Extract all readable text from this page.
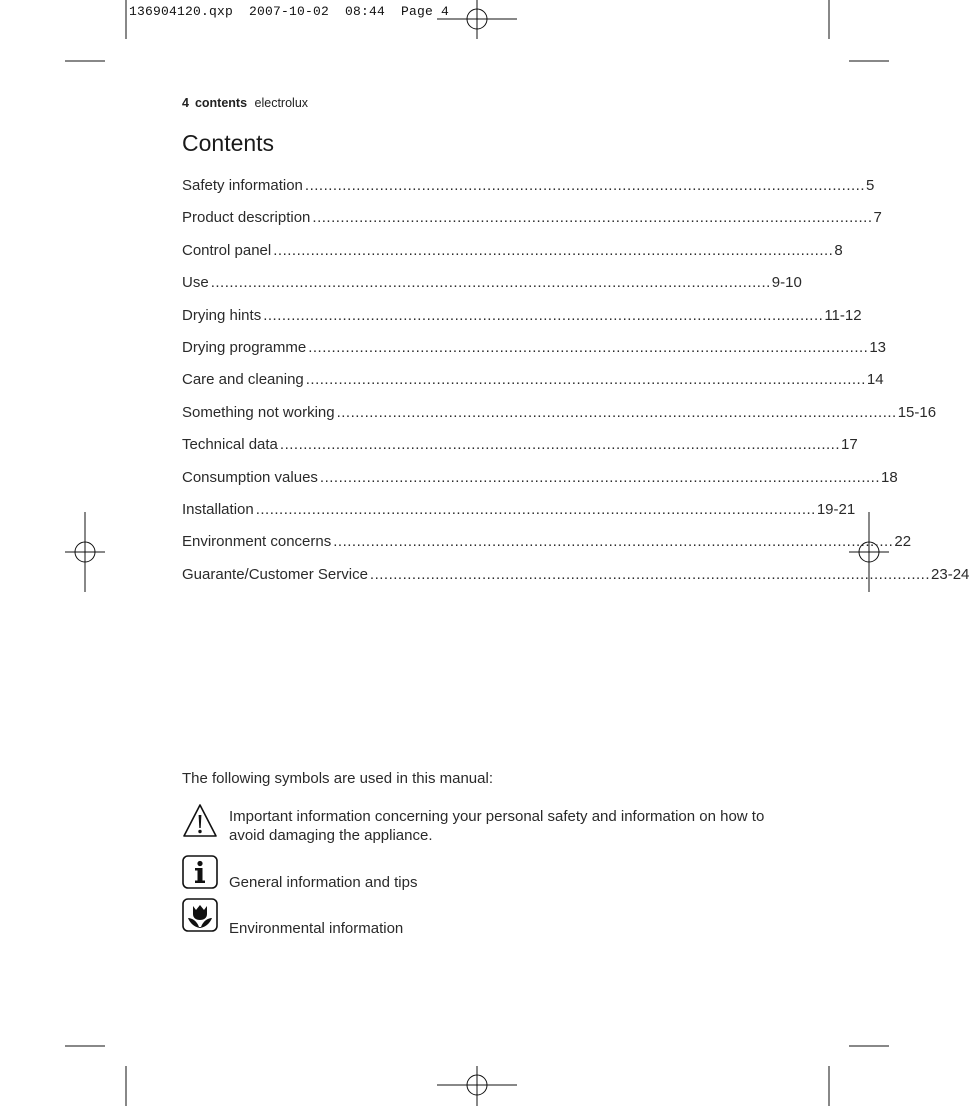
136904120.qxp  2007-10-02  08:44  Page 4
4 contents electrolux
Contents
Safety information ........................................................................................................................ 5
Product description ........................................................................................................................ 7
Control panel ........................................................................................................................ 8
Use ........................................................................................................................ 9-10
Drying hints ........................................................................................................................ 11-12
Drying programme ........................................................................................................................ 13
Care and cleaning ........................................................................................................................ 14
Something not working ........................................................................................................................ 15-16
Technical data ........................................................................................................................ 17
Consumption values ........................................................................................................................ 18
Installation ........................................................................................................................ 19-21
Environment concerns ........................................................................................................................ 22
Guarante/Customer Service ........................................................................................................................ 23-24
The following symbols are used in this manual:
Important information concerning your personal safety and information on how to avoid damaging the appliance.
General information and tips
Environmental information
